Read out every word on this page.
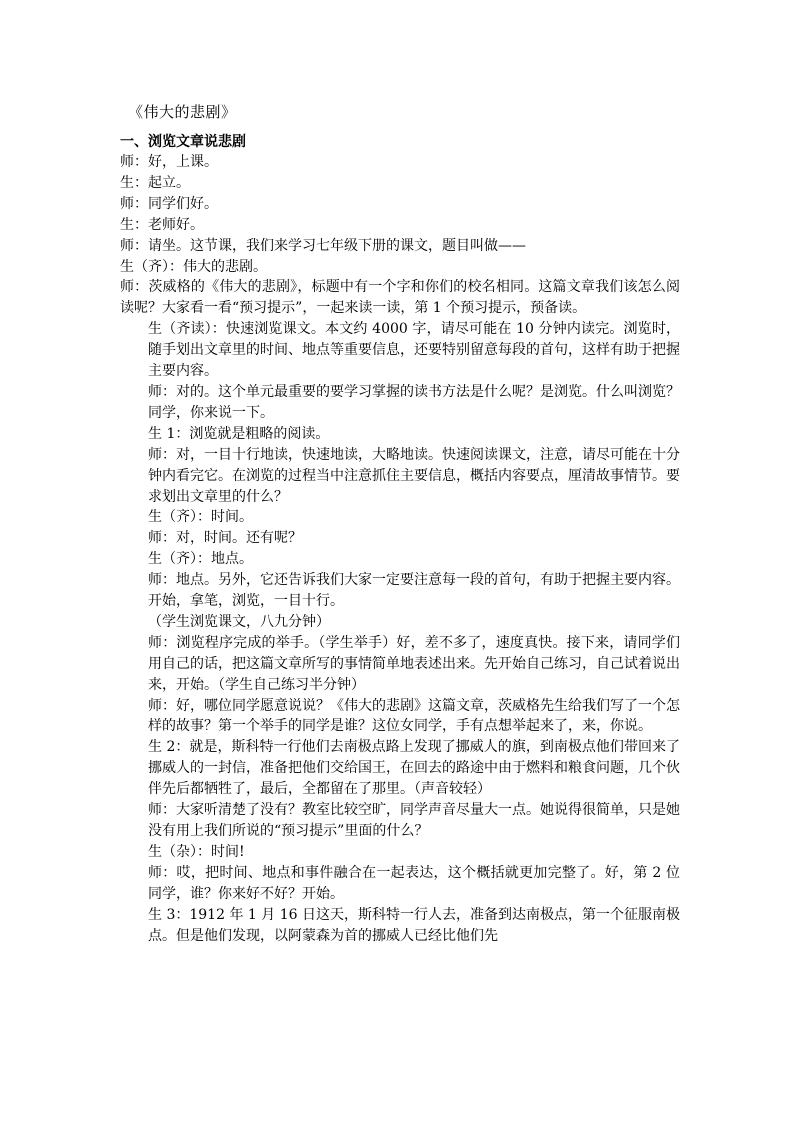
《伟大的悲剧》
一、浏览文章说悲剧

师：好，上课。

生：起立。

师：同学们好。

生：老师好。

师：请坐。这节课，我们来学习七年级下册的课文，题目叫做——

生（齐）：伟大的悲剧。

师：茨威格的《伟大的悲剧》，标题中有一个字和你们的校名相同。这篇文章我们该怎么阅读呢？大家看一看“预习提示”，一起来读一读，第 1 个预习提示，预备读。

生（齐读）：快速浏览课文。本文约 4000 字，请尽可能在 10 分钟内读完。浏览时，随手划出文章里的时间、地点等重要信息，还要特别留意每段的首句，这样有助于把握主要内容。

师：对的。这个单元最重要的要学习掌握的读书方法是什么呢？是浏览。什么叫浏览？同学，你来说一下。

生 1：浏览就是粗略的阅读。

师：对，一目十行地读，快速地读，大略地读。快速阅读课文，注意，请尽可能在十分钟内看完它。在浏览的过程当中注意抓住主要信息，概括内容要点，厘清故事情节。要求划出文章里的什么？

生（齐）：时间。

师：对，时间。还有呢？

生（齐）：地点。

师：地点。另外，它还告诉我们大家一定要注意每一段的首句，有助于把握主要内容。开始，拿笔，浏览，一目十行。

（学生浏览课文，八九分钟）

师：浏览程序完成的举手。（学生举手）好，差不多了，速度真快。接下来，请同学们用自己的话，把这篇文章所写的事情简单地表述出来。先开始自己练习，自己试着说出来，开始。（学生自己练习半分钟）

师：好，哪位同学愿意说说？《伟大的悲剧》这篇文章，茨威格先生给我们写了一个怎样的故事？第一个举手的同学是谁？这位女同学，手有点想举起来了，来，你说。

生 2：就是，斯科特一行他们去南极点路上发现了挪威人的旗，到南极点他们带回来了挪威人的一封信，准备把他们交给国王，在回去的路途中由于燃料和粮食问题，几个伙伴先后都牺牲了，最后，全都留在了那里。（声音较轻）

师：大家听清楚了没有？教室比较空旷，同学声音尽量大一点。她说得很简单，只是她没有用上我们所说的“预习提示”里面的什么？

生（杂）：时间!

师：哎，把时间、地点和事件融合在一起表达，这个概括就更加完整了。好，第 2 位同学，谁？你来好不好？开始。

生 3：1912 年 1 月 16 日这天，斯科特一行人去，准备到达南极点，第一个征服南极点。但是他们发现，以阿蒙森为首的挪威人已经比他们先
